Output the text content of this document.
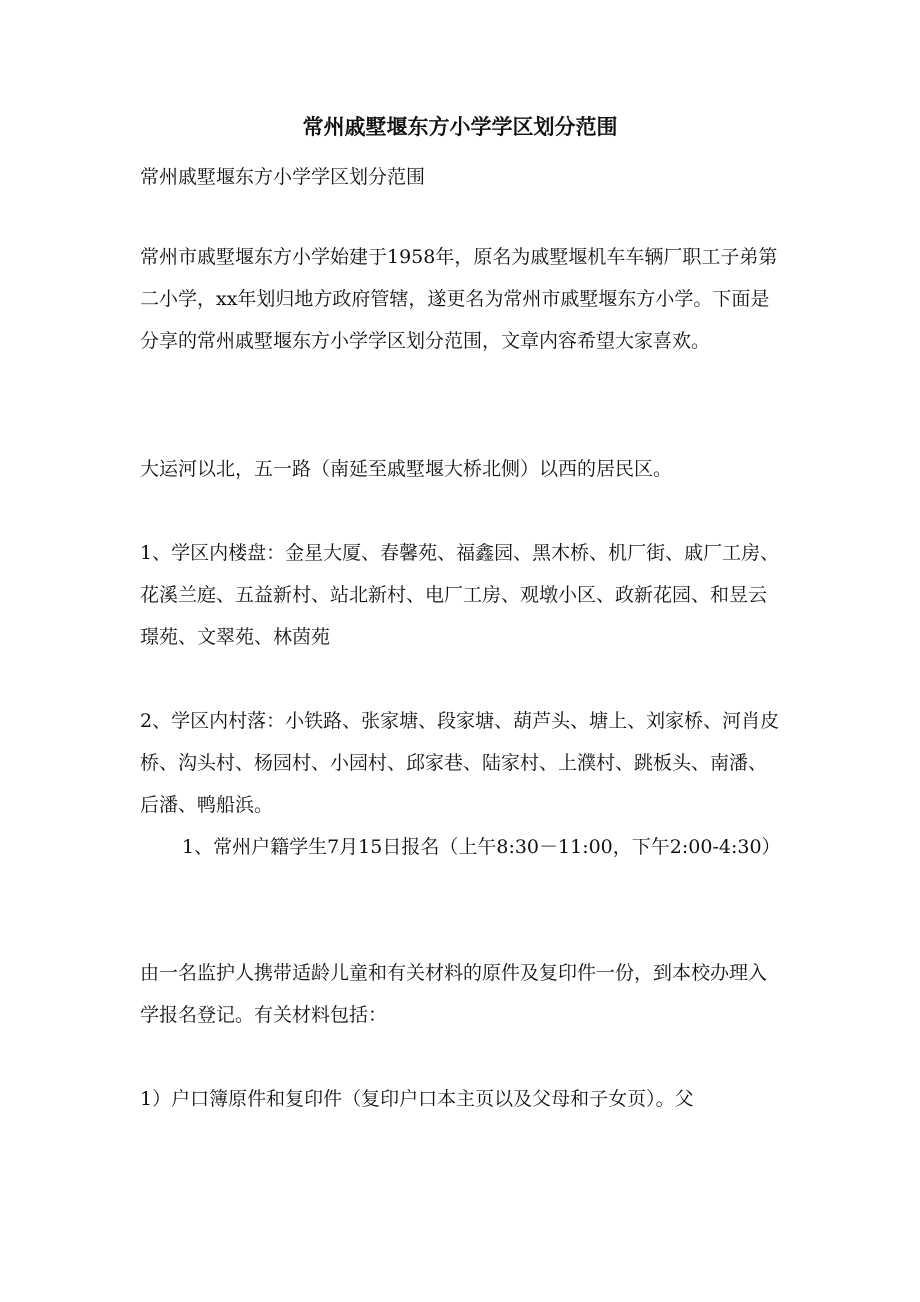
常州戚墅堰东方小学学区划分范围

常州戚墅堰东方小学学区划分范围

常州市戚墅堰东方小学始建于1958年，原名为戚墅堰机车车辆厂职工子弟第二小学，xx年划归地方政府管辖，遂更名为常州市戚墅堰东方小学。下面是分享的常州戚墅堰东方小学学区划分范围，文章内容希望大家喜欢。

大运河以北，五一路（南延至戚墅堰大桥北侧）以西的居民区。

1、学区内楼盘：金星大厦、春馨苑、福鑫园、黑木桥、机厂街、戚厂工房、花溪兰庭、五益新村、站北新村、电厂工房、观墩小区、政新花园、和昱云璟苑、文翠苑、林茵苑

2、学区内村落：小铁路、张家塘、段家塘、葫芦头、塘上、刘家桥、河肖皮桥、沟头村、杨园村、小园村、邱家巷、陆家村、上濮村、跳板头、南潘、后潘、鸭船浜。

1、常州户籍学生7月15日报名（上午8:30－11:00，下午2:00-4:30）

由一名监护人携带适龄儿童和有关材料的原件及复印件一份，到本校办理入学报名登记。有关材料包括：

1）户口簿原件和复印件（复印户口本主页以及父母和子女页）。父
